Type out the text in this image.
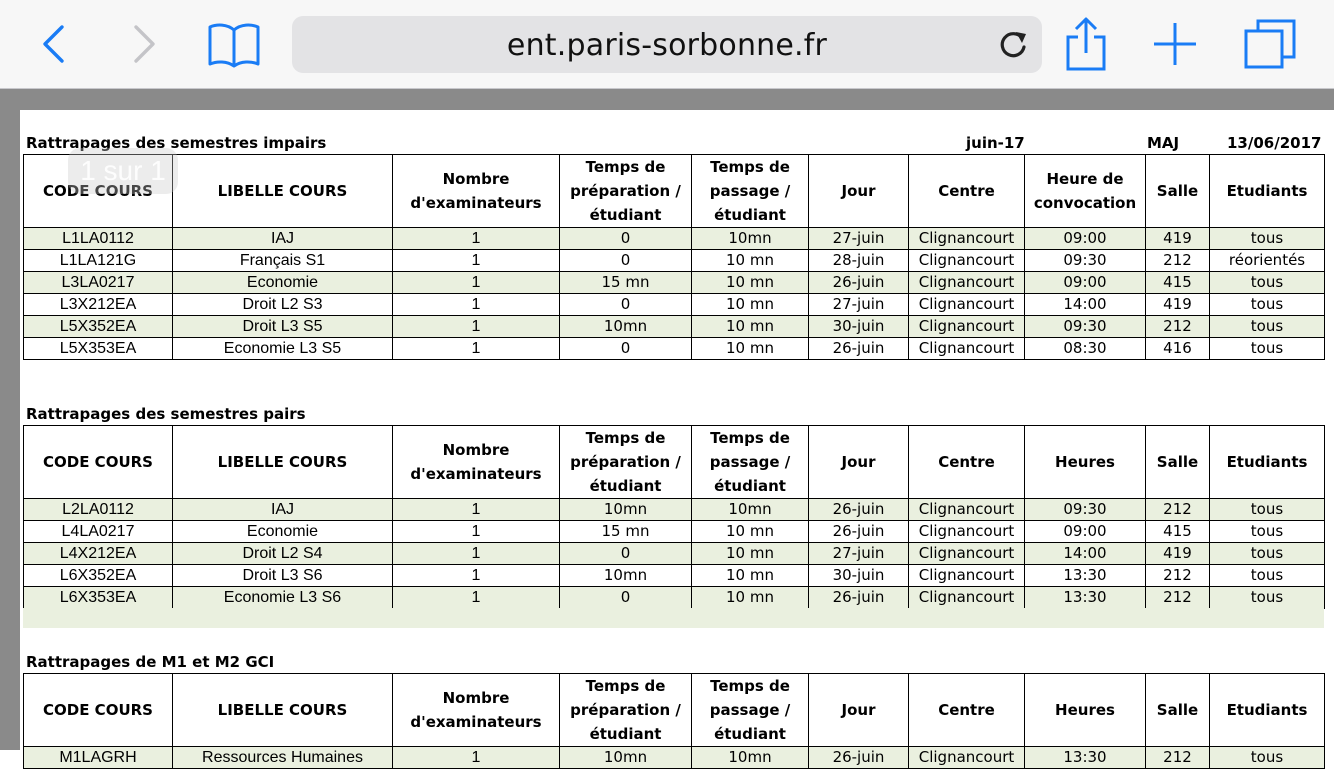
ent.paris-sorbonne.fr
juin-17	MAJ	13/06/2017
Rattrapages des semestres impairs
CODE COURS	LIBELLE COURS	Nombre d'examinateurs	Temps de préparation / étudiant	Temps de passage / étudiant	Jour	Centre	Heure de convocation	Salle	Etudiants
L1LA0112	IAJ	1	0	10mn	27-juin	Clignancourt	09:00	419	tous
L1LA121G	Français S1	1	0	10 mn	28-juin	Clignancourt	09:30	212	réorientés
L3LA0217	Economie	1	15 mn	10 mn	26-juin	Clignancourt	09:00	415	tous
L3X212EA	Droit L2 S3	1	0	10 mn	27-juin	Clignancourt	14:00	419	tous
L5X352EA	Droit L3 S5	1	10mn	10 mn	30-juin	Clignancourt	09:30	212	tous
L5X353EA	Economie L3 S5	1	0	10 mn	26-juin	Clignancourt	08:30	416	tous
Rattrapages des semestres pairs
CODE COURS	LIBELLE COURS	Nombre d'examinateurs	Temps de préparation / étudiant	Temps de passage / étudiant	Jour	Centre	Heures	Salle	Etudiants
L2LA0112	IAJ	1	10mn	10mn	26-juin	Clignancourt	09:30	212	tous
L4LA0217	Economie	1	15 mn	10 mn	26-juin	Clignancourt	09:00	415	tous
L4X212EA	Droit L2 S4	1	0	10 mn	27-juin	Clignancourt	14:00	419	tous
L6X352EA	Droit L3 S6	1	10mn	10 mn	30-juin	Clignancourt	13:30	212	tous
L6X353EA	Economie L3 S6	1	0	10 mn	26-juin	Clignancourt	13:30	212	tous
Rattrapages de M1 et M2 GCI
CODE COURS	LIBELLE COURS	Nombre d'examinateurs	Temps de préparation / étudiant	Temps de passage / étudiant	Jour	Centre	Heures	Salle	Etudiants
M1LAGRH	Ressources Humaines	1	10mn	10mn	26-juin	Clignancourt	13:30	212	tous
1 sur 1
